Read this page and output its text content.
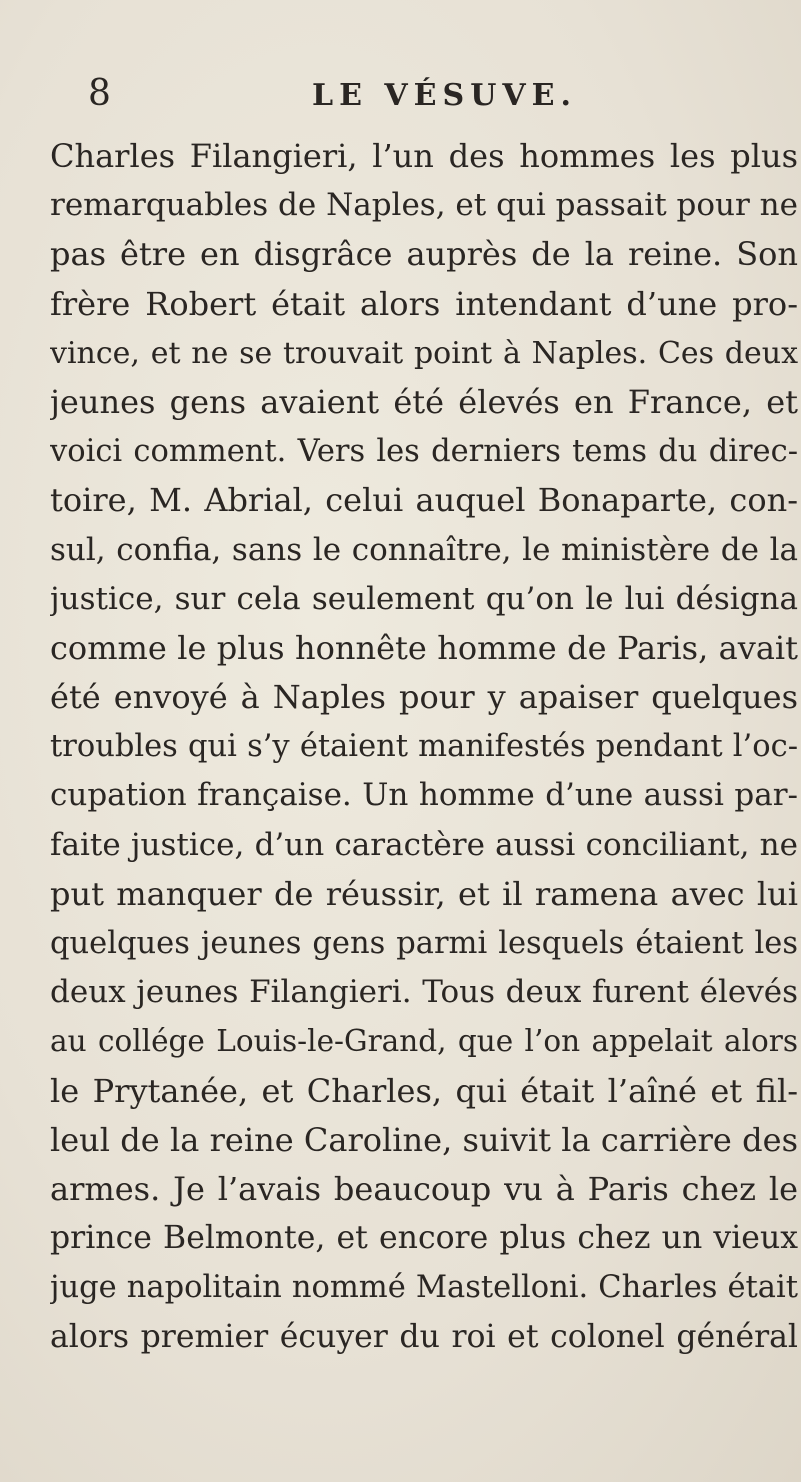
8	LE VÉSUVE.
Charles Filangieri, l’un des hommes les plus
remarquables de Naples, et qui passait pour ne
pas être en disgrâce auprès de la reine. Son
frère Robert était alors intendant d’une pro-
vince, et ne se trouvait point à Naples. Ces deux
jeunes gens avaient été élevés en France, et
voici comment. Vers les derniers tems du direc-
toire, M. Abrial, celui auquel Bonaparte, con-
sul, confia, sans le connaître, le ministère de la
justice, sur cela seulement qu’on le lui désigna
comme le plus honnête homme de Paris, avait
été envoyé à Naples pour y apaiser quelques
troubles qui s’y étaient manifestés pendant l’oc-
cupation française. Un homme d’une aussi par-
faite justice, d’un caractère aussi conciliant, ne
put manquer de réussir, et il ramena avec lui
quelques jeunes gens parmi lesquels étaient les
deux jeunes Filangieri. Tous deux furent élevés
au collége Louis-le-Grand, que l’on appelait alors
le Prytanée, et Charles, qui était l’aîné et fil-
leul de la reine Caroline, suivit la carrière des
armes. Je l’avais beaucoup vu à Paris chez le
prince Belmonte, et encore plus chez un vieux
juge napolitain nommé Mastelloni. Charles était
alors premier écuyer du roi et colonel général
